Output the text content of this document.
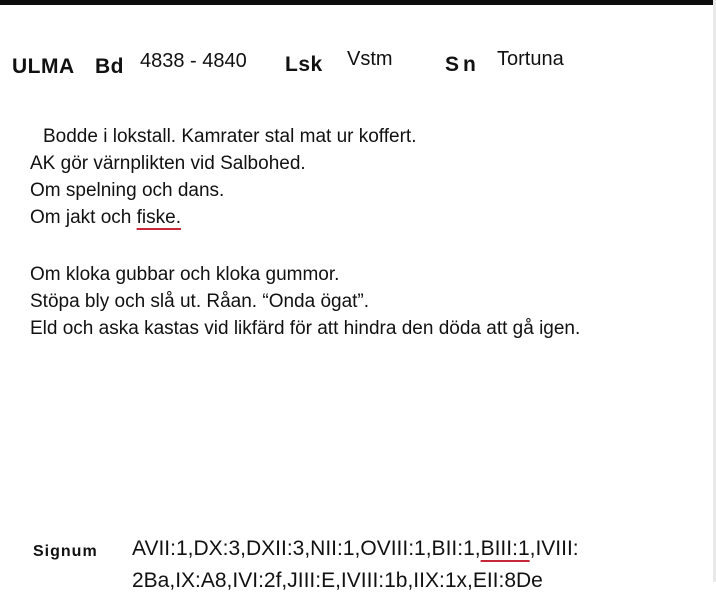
ULMA Bd 4838 - 4840 Lsk Vstm Sn Tortuna
Bodde i lokstall. Kamrater stal mat ur koffert.
AK gör värnplikten vid Salbohed.
Om spelning och dans.
Om jakt och fiske.
Om kloka gubbar och kloka gummor.
Stöpa bly och slå ut. Råan. “Onda ögat”.
Eld och aska kastas vid likfärd för att hindra den döda att gå igen.
Signum AVII:1,DX:3,DXII:3,NII:1,OVIII:1,BII:1,BIII:1,IVIII: 2Ba,IX:A8,IVI:2f,JIII:E,IVIII:1b,IIX:1x,EII:8De
